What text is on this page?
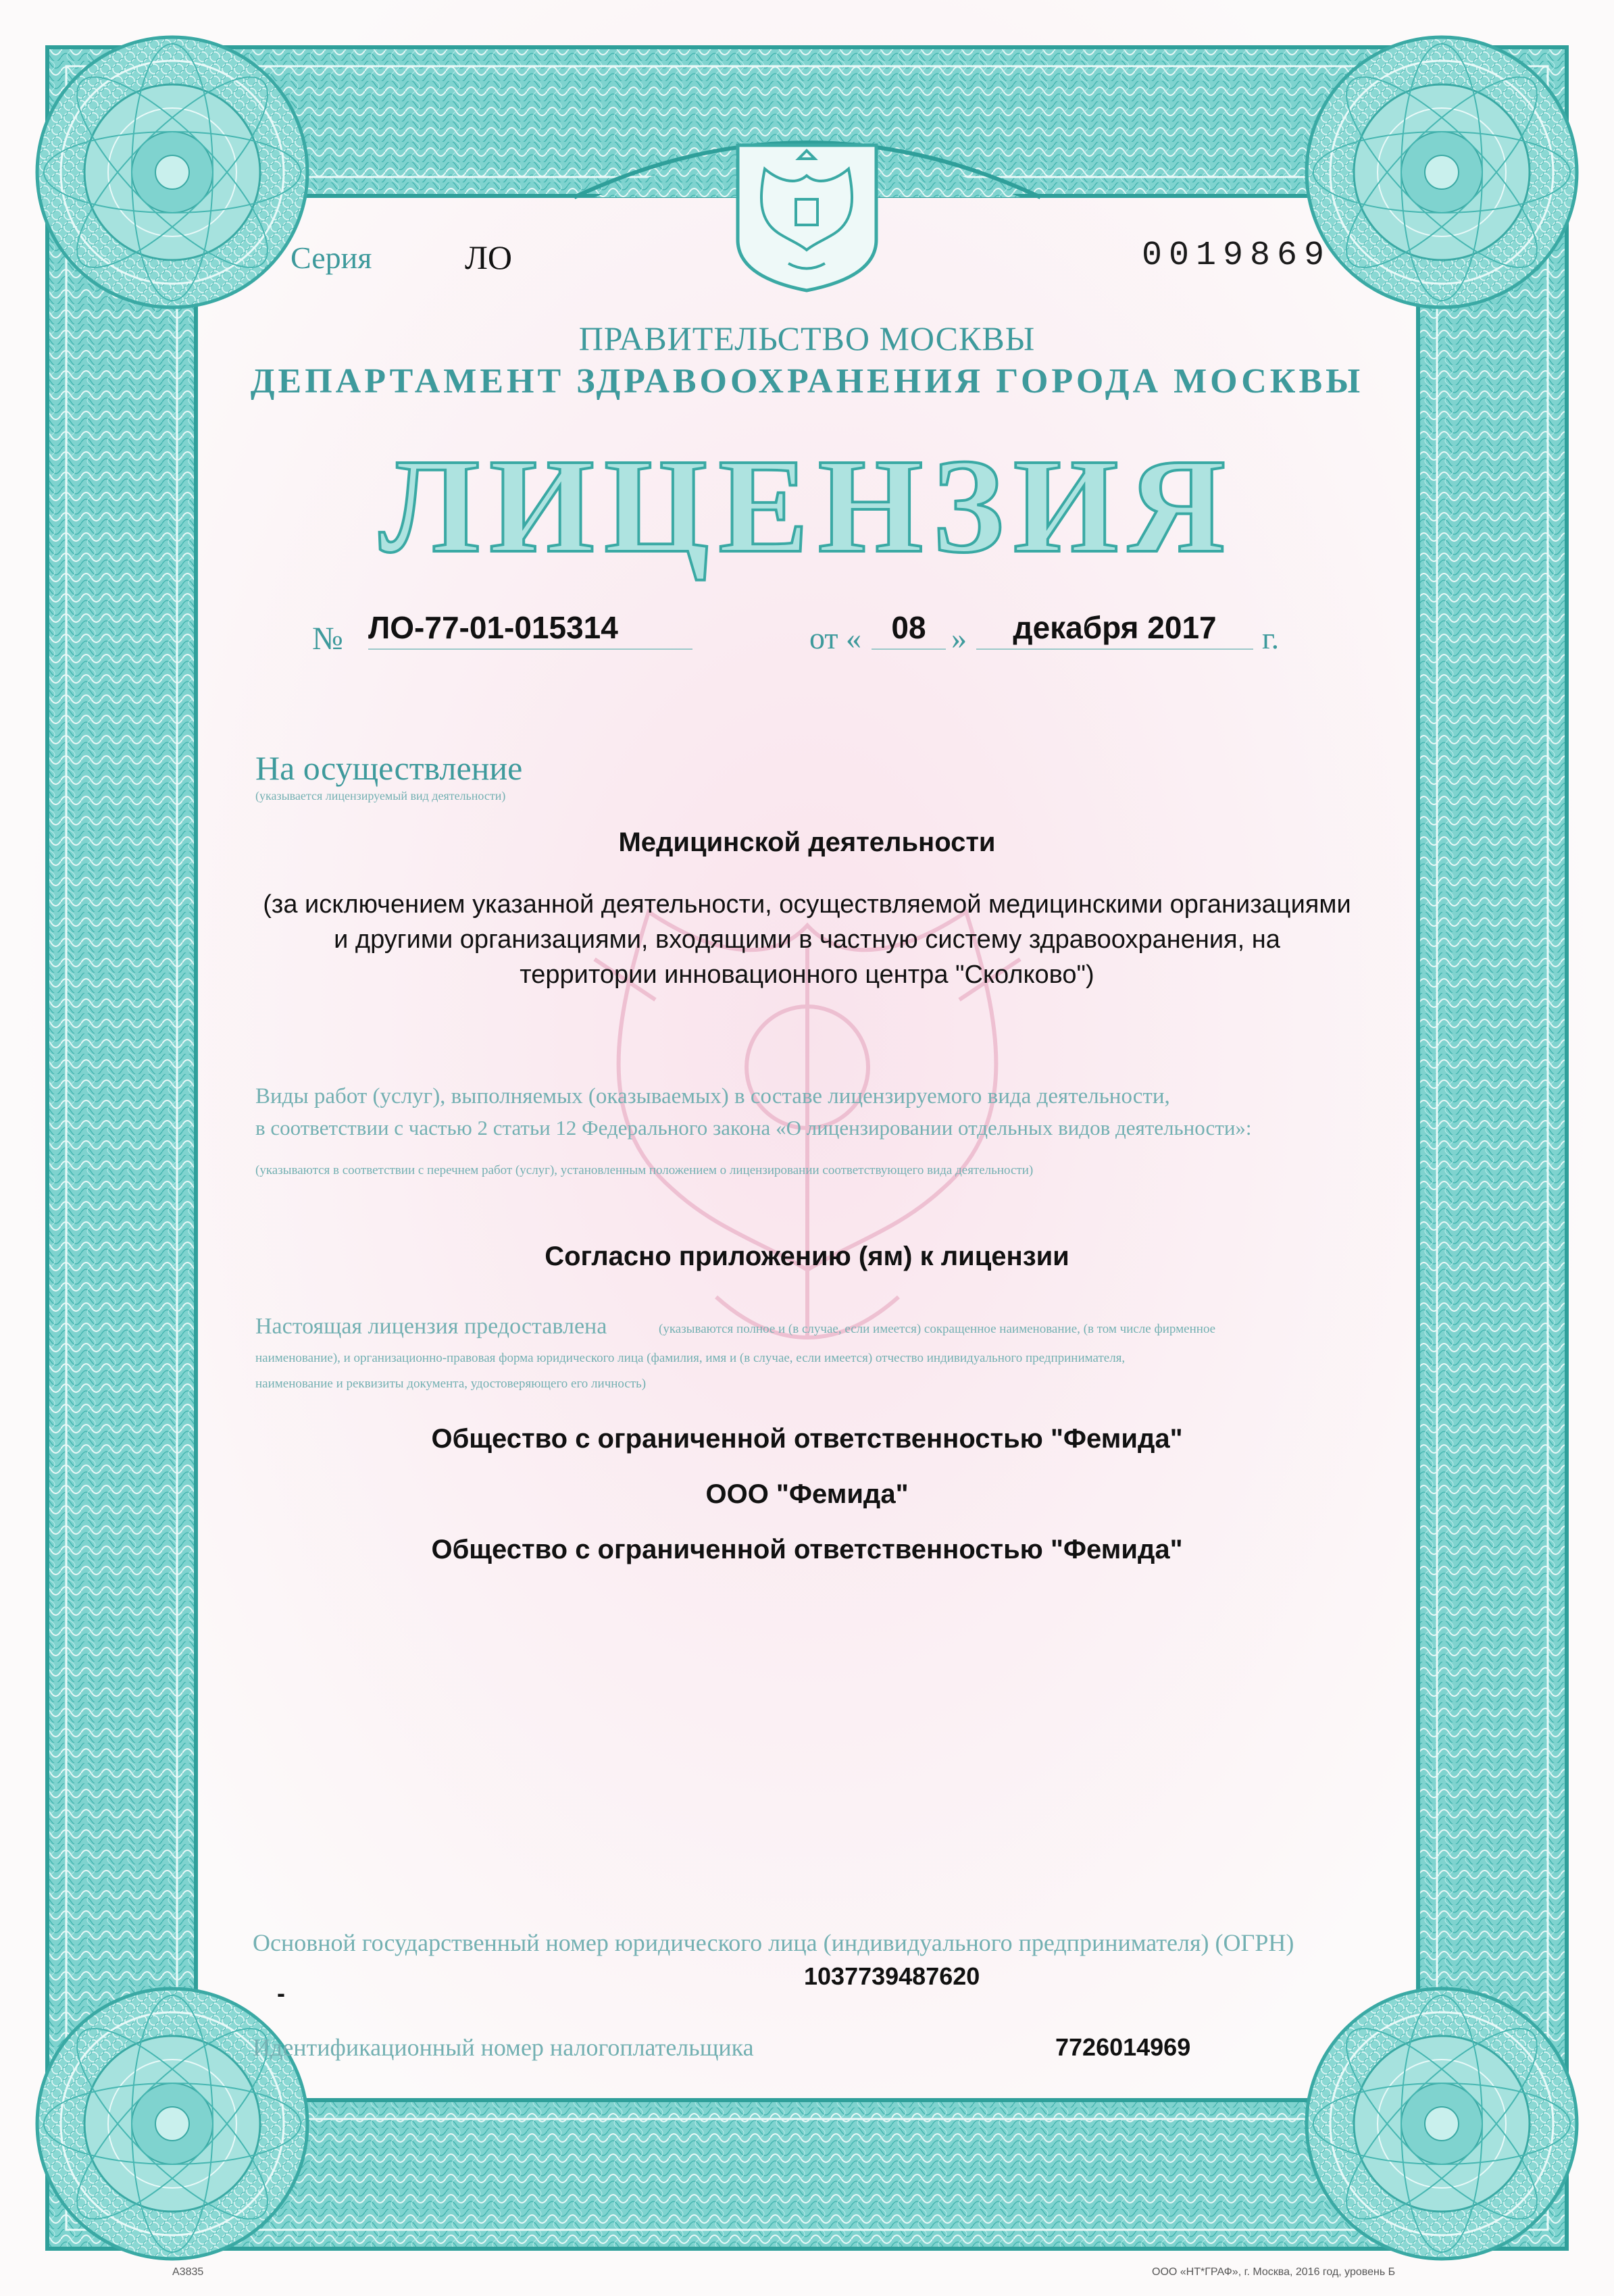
Серия	ЛО	0019869
ПРАВИТЕЛЬСТВО МОСКВЫ
ДЕПАРТАМЕНТ ЗДРАВООХРАНЕНИЯ ГОРОДА МОСКВЫ
ЛИЦЕНЗИЯ
№ ЛО-77-01-015314	от « 08 »	декабря 2017	г.
На осуществление
(указывается лицензируемый вид деятельности)
Медицинской деятельности
(за исключением указанной деятельности, осуществляемой медицинскими организациями
и другими организациями, входящими в частную систему здравоохранения, на
территории инновационного центра "Сколково")
Виды работ (услуг), выполняемых (оказываемых) в составе лицензируемого вида деятельности,
в соответствии с частью 2 статьи 12 Федерального закона «О лицензировании отдельных видов деятельности»:
(указываются в соответствии с перечнем работ (услуг), установленным положением о лицензировании соответствующего вида деятельности)
Согласно приложению (ям) к лицензии
Настоящая лицензия предоставлена	(указываются полное и (в случае, если имеется) сокращенное наименование, (в том числе фирменное
наименование), и организационно-правовая форма юридического лица (фамилия, имя и (в случае, если имеется) отчество индивидуального предпринимателя,
наименование и реквизиты документа, удостоверяющего его личность)
Общество с ограниченной ответственностью "Фемида"
ООО "Фемида"
Общество с ограниченной ответственностью "Фемида"
Основной государственный номер юридического лица (индивидуального предпринимателя) (ОГРН)
1037739487620
-
Идентификационный номер налогоплательщика	7726014969
А3835	ООО «НТ*ГРАФ», г. Москва, 2016 год, уровень Б
